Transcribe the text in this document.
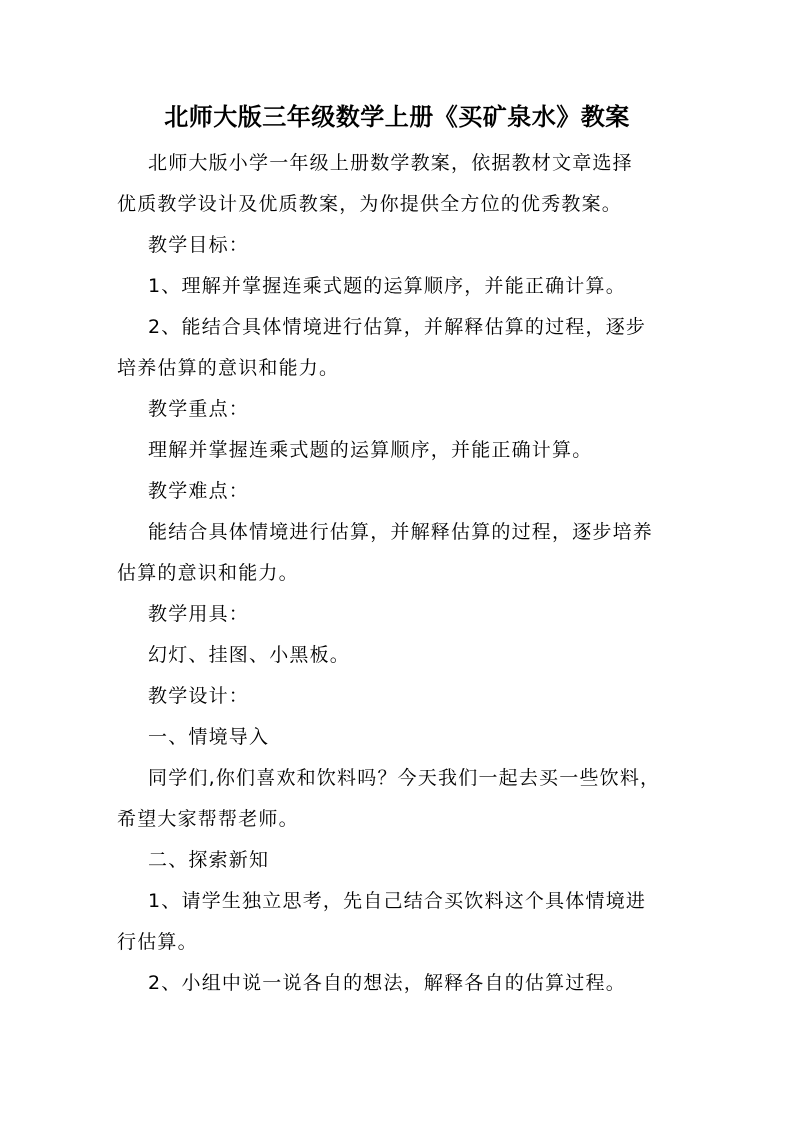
北师大版三年级数学上册《买矿泉水》教案

北师大版小学一年级上册数学教案，依据教材文章选择

优质教学设计及优质教案，为你提供全方位的优秀教案。

教学目标：

1、理解并掌握连乘式题的运算顺序，并能正确计算。

2、能结合具体情境进行估算，并解释估算的过程，逐步

培养估算的意识和能力。

教学重点：

理解并掌握连乘式题的运算顺序，并能正确计算。

教学难点：

能结合具体情境进行估算，并解释估算的过程，逐步培养

估算的意识和能力。

教学用具：

幻灯、挂图、小黑板。

教学设计：

一、情境导入

同学们,你们喜欢和饮料吗？今天我们一起去买一些饮料，

希望大家帮帮老师。

二、探索新知

1、请学生独立思考，先自己结合买饮料这个具体情境进

行估算。

2、小组中说一说各自的想法，解释各自的估算过程。
